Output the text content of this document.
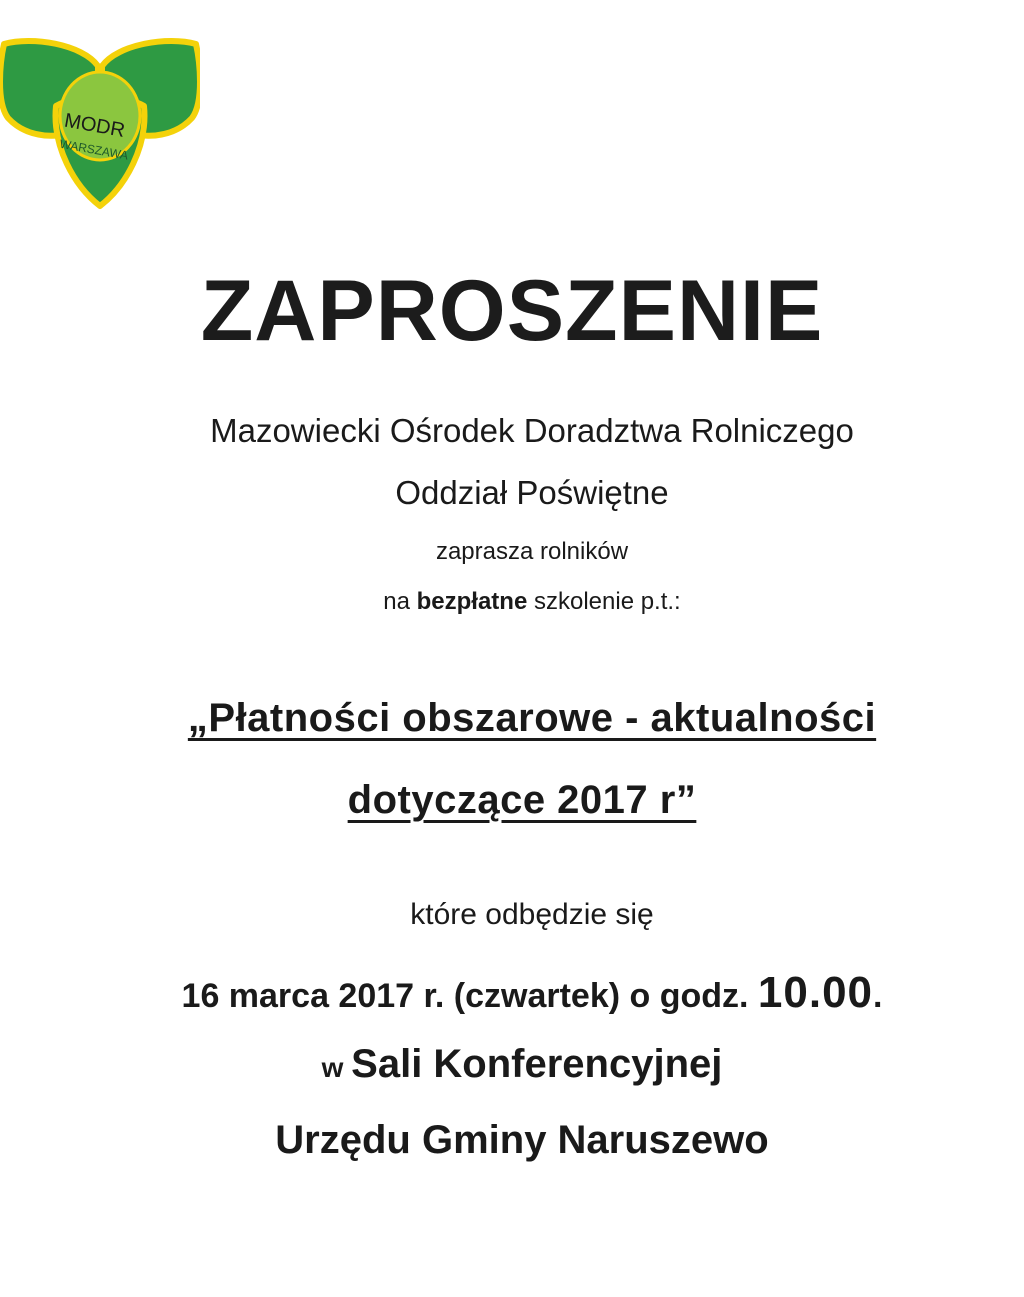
MODR
WARSZAWA
ZAPROSZENIE
Mazowiecki Ośrodek Doradztwa Rolniczego
Oddział Poświętne
zaprasza rolników
na bezpłatne szkolenie p.t.:
„Płatności obszarowe - aktualności
dotyczące 2017 r”
które odbędzie się
16 marca 2017 r. (czwartek) o godz. 10.00.
w Sali Konferencyjnej
Urzędu Gminy Naruszewo
